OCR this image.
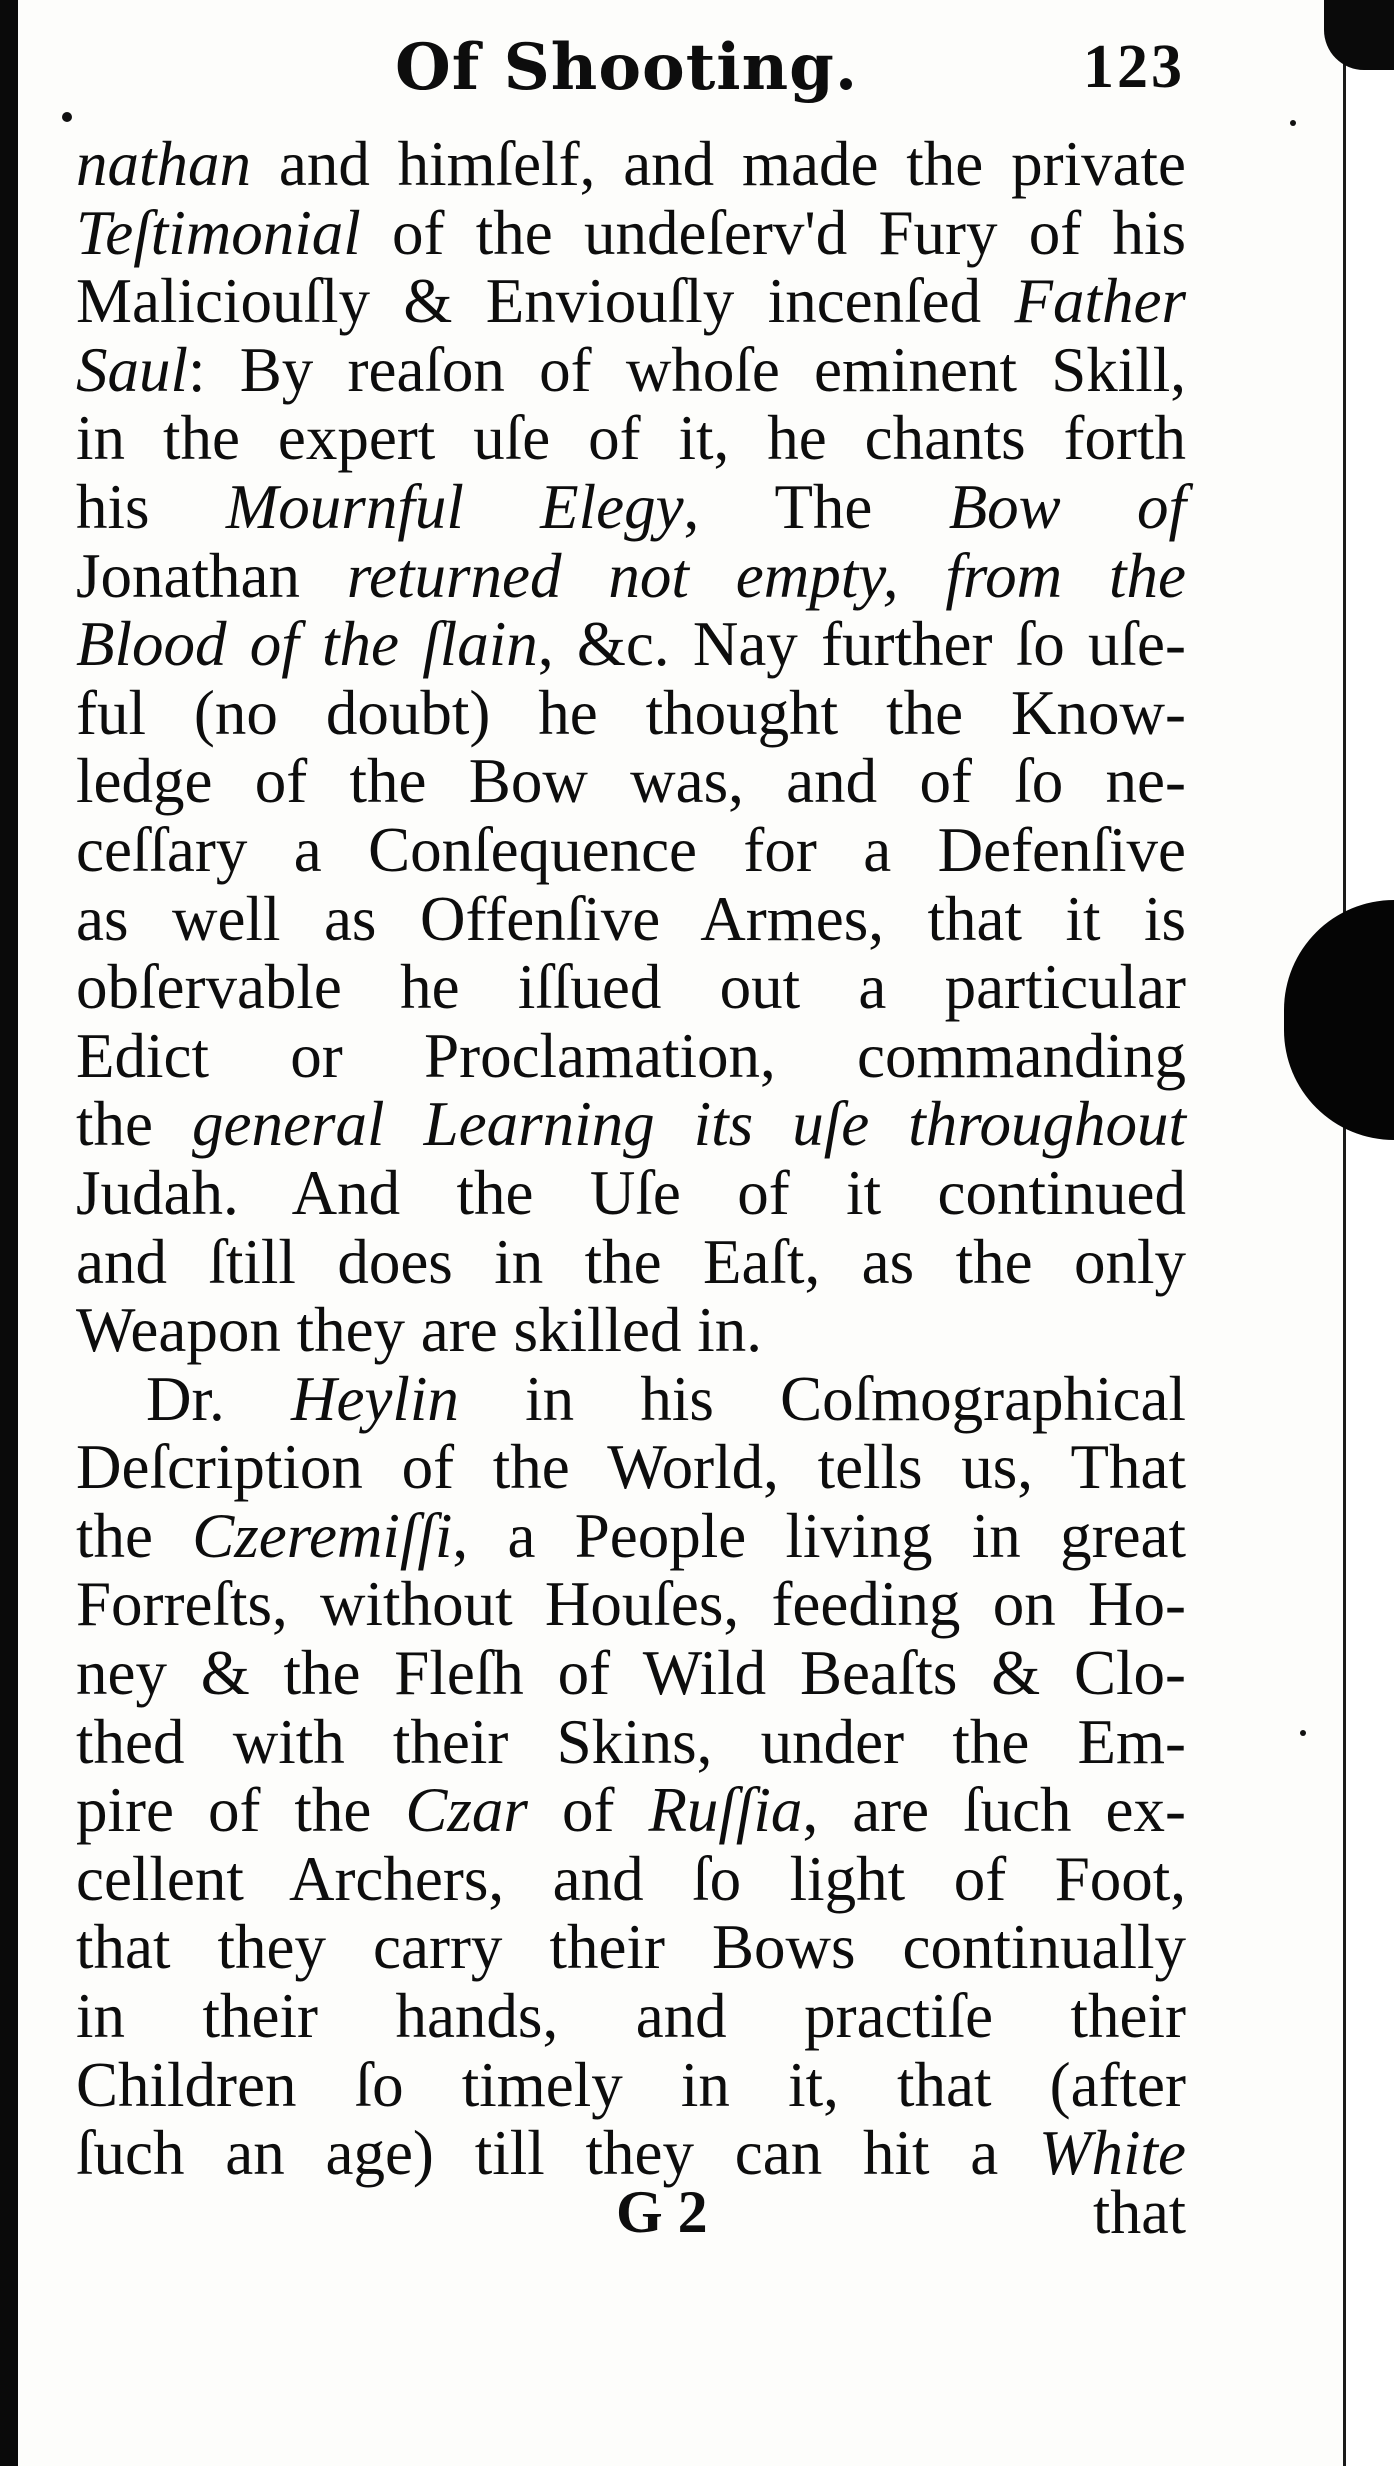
Of Shooting.	123
nathan and himſelf, and made the private
Teſtimonial of the undeſerv'd Fury of his
Maliciouſly & Enviouſly incenſed Father
Saul: By reaſon of whoſe eminent Skill,
in the expert uſe of it, he chants forth
his Mournful Elegy, The Bow of
Jonathan returned not empty, from the
Blood of the ſlain, &c. Nay further ſo uſe-
ful (no doubt) he thought the Know-
ledge of the Bow was, and of ſo ne-
ceſſary a Conſequence for a Defenſive
as well as Offenſive Armes, that it is
obſervable he iſſued out a particular
Edict or Proclamation, commanding
the general Learning its uſe throughout
Judah. And the Uſe of it continued
and ſtill does in the Eaſt, as the only
Weapon they are skilled in.
Dr. Heylin in his Coſmographical
Deſcription of the World, tells us, That
the Czeremiſſi, a People living in great
Forreſts, without Houſes, feeding on Ho-
ney & the Fleſh of Wild Beaſts & Clo-
thed with their Skins, under the Em-
pire of the Czar of Ruſſia, are ſuch ex-
cellent Archers, and ſo light of Foot,
that they carry their Bows continually
in their hands, and practiſe their
Children ſo timely in it, that (after
ſuch an age) till they can hit a White
G 2	that
